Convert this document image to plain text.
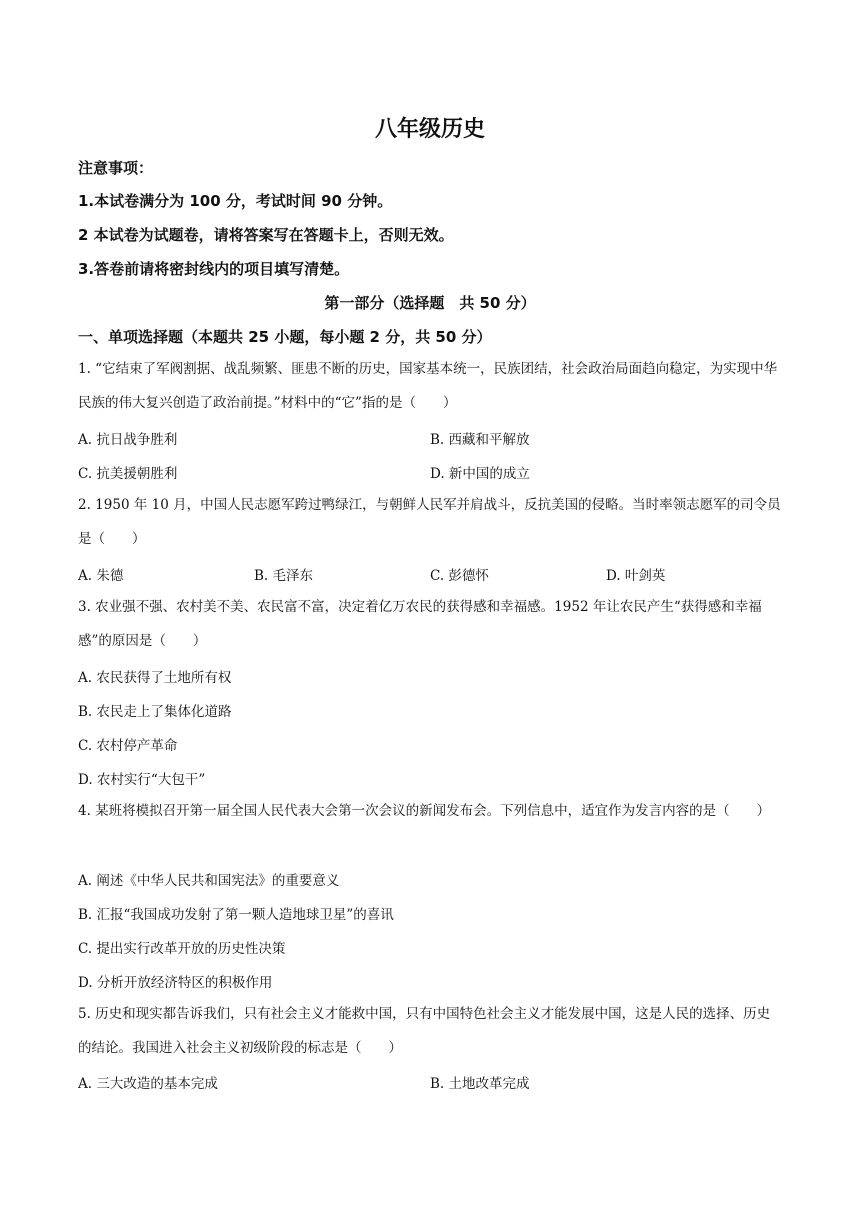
八年级历史
注意事项：
1.本试卷满分为 100 分，考试时间 90 分钟。
2 本试卷为试题卷，请将答案写在答题卡上，否则无效。
3.答卷前请将密封线内的项目填写清楚。
第一部分（选择题　共 50 分）
一、单项选择题（本题共 25 小题，每小题 2 分，共 50 分）
1. “它结束了军阀割据、战乱频繁、匪患不断的历史，国家基本统一，民族团结，社会政治局面趋向稳定，为实现中华民族的伟大复兴创造了政治前提。”材料中的“它”指的是（　　）
A. 抗日战争胜利	B. 西藏和平解放
C. 抗美援朝胜利	D. 新中国的成立
2. 1950 年 10 月，中国人民志愿军跨过鸭绿江，与朝鲜人民军并肩战斗，反抗美国的侵略。当时率领志愿军的司令员是（　　）
A. 朱德	B. 毛泽东	C. 彭德怀	D. 叶剑英
3. 农业强不强、农村美不美、农民富不富，决定着亿万农民的获得感和幸福感。1952 年让农民产生“获得感和幸福感”的原因是（　　）
A. 农民获得了土地所有权
B. 农民走上了集体化道路
C. 农村停产革命
D. 农村实行“大包干”
4. 某班将模拟召开第一届全国人民代表大会第一次会议的新闻发布会。下列信息中，适宜作为发言内容的是（　　）
A. 阐述《中华人民共和国宪法》的重要意义
B. 汇报“我国成功发射了第一颗人造地球卫星”的喜讯
C. 提出实行改革开放的历史性决策
D. 分析开放经济特区的积极作用
5. 历史和现实都告诉我们，只有社会主义才能救中国，只有中国特色社会主义才能发展中国，这是人民的选择、历史的结论。我国进入社会主义初级阶段的标志是（　　）
A. 三大改造的基本完成	B. 土地改革完成
